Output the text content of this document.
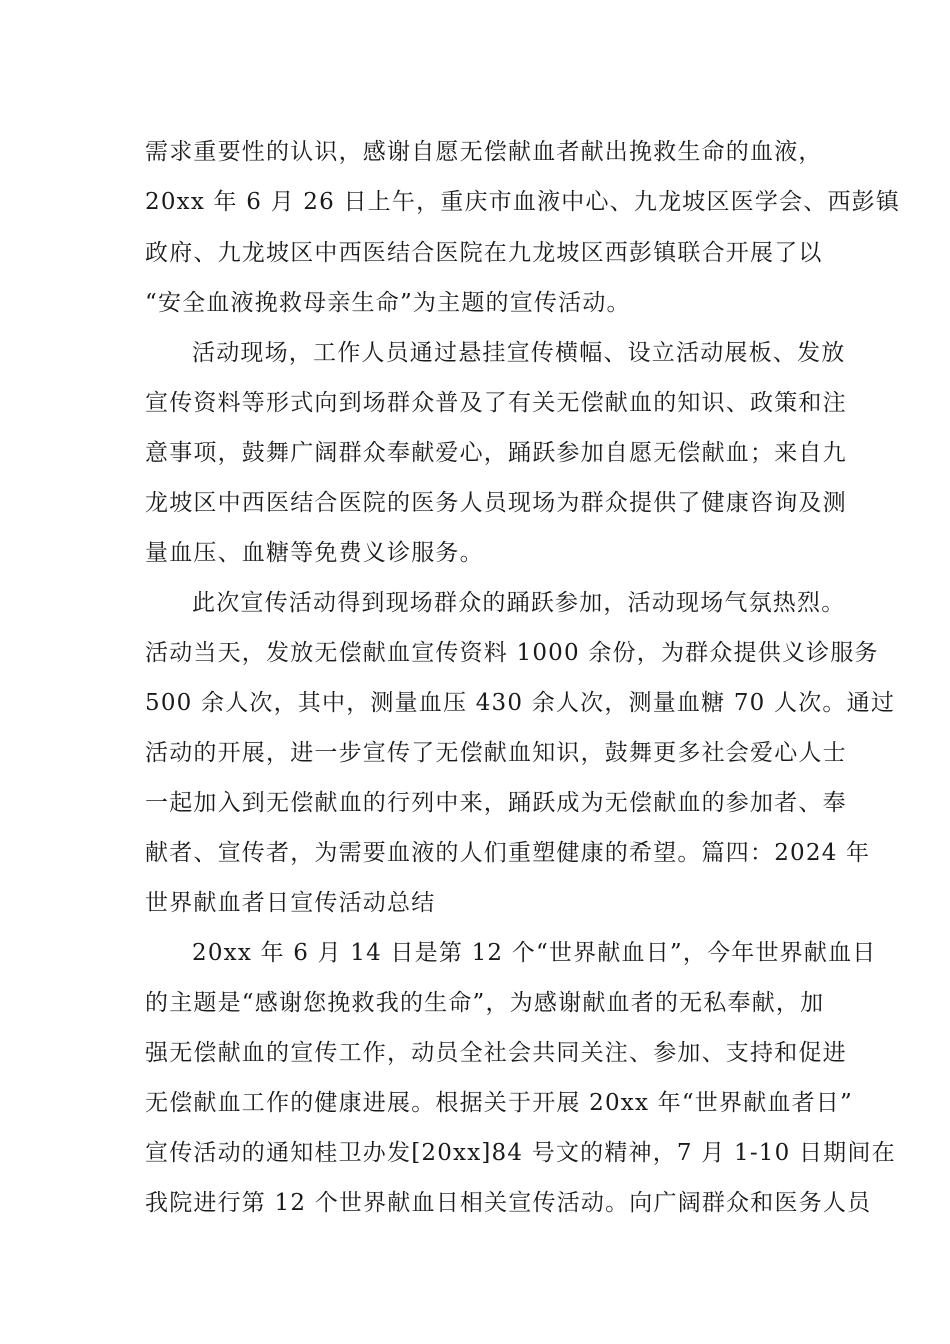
需求重要性的认识，感谢自愿无偿献血者献出挽救生命的血液，
20xx 年 6 月 26 日上午，重庆市血液中心、九龙坡区医学会、西彭镇
政府、九龙坡区中西医结合医院在九龙坡区西彭镇联合开展了以
“安全血液挽救母亲生命”为主题的宣传活动。
活动现场，工作人员通过悬挂宣传横幅、设立活动展板、发放
宣传资料等形式向到场群众普及了有关无偿献血的知识、政策和注
意事项，鼓舞广阔群众奉献爱心，踊跃参加自愿无偿献血；来自九
龙坡区中西医结合医院的医务人员现场为群众提供了健康咨询及测
量血压、血糖等免费义诊服务。
此次宣传活动得到现场群众的踊跃参加，活动现场气氛热烈。
活动当天，发放无偿献血宣传资料 1000 余份，为群众提供义诊服务
500 余人次，其中，测量血压 430 余人次，测量血糖 70 人次。通过
活动的开展，进一步宣传了无偿献血知识，鼓舞更多社会爱心人士
一起加入到无偿献血的行列中来，踊跃成为无偿献血的参加者、奉
献者、宣传者，为需要血液的人们重塑健康的希望。篇四：2024 年
世界献血者日宣传活动总结
20xx 年 6 月 14 日是第 12 个“世界献血日”，今年世界献血日
的主题是“感谢您挽救我的生命”，为感谢献血者的无私奉献，加
强无偿献血的宣传工作，动员全社会共同关注、参加、支持和促进
无偿献血工作的健康进展。根据关于开展 20xx 年“世界献血者日”
宣传活动的通知桂卫办发[20xx]84 号文的精神，7 月 1-10 日期间在
我院进行第 12 个世界献血日相关宣传活动。向广阔群众和医务人员
